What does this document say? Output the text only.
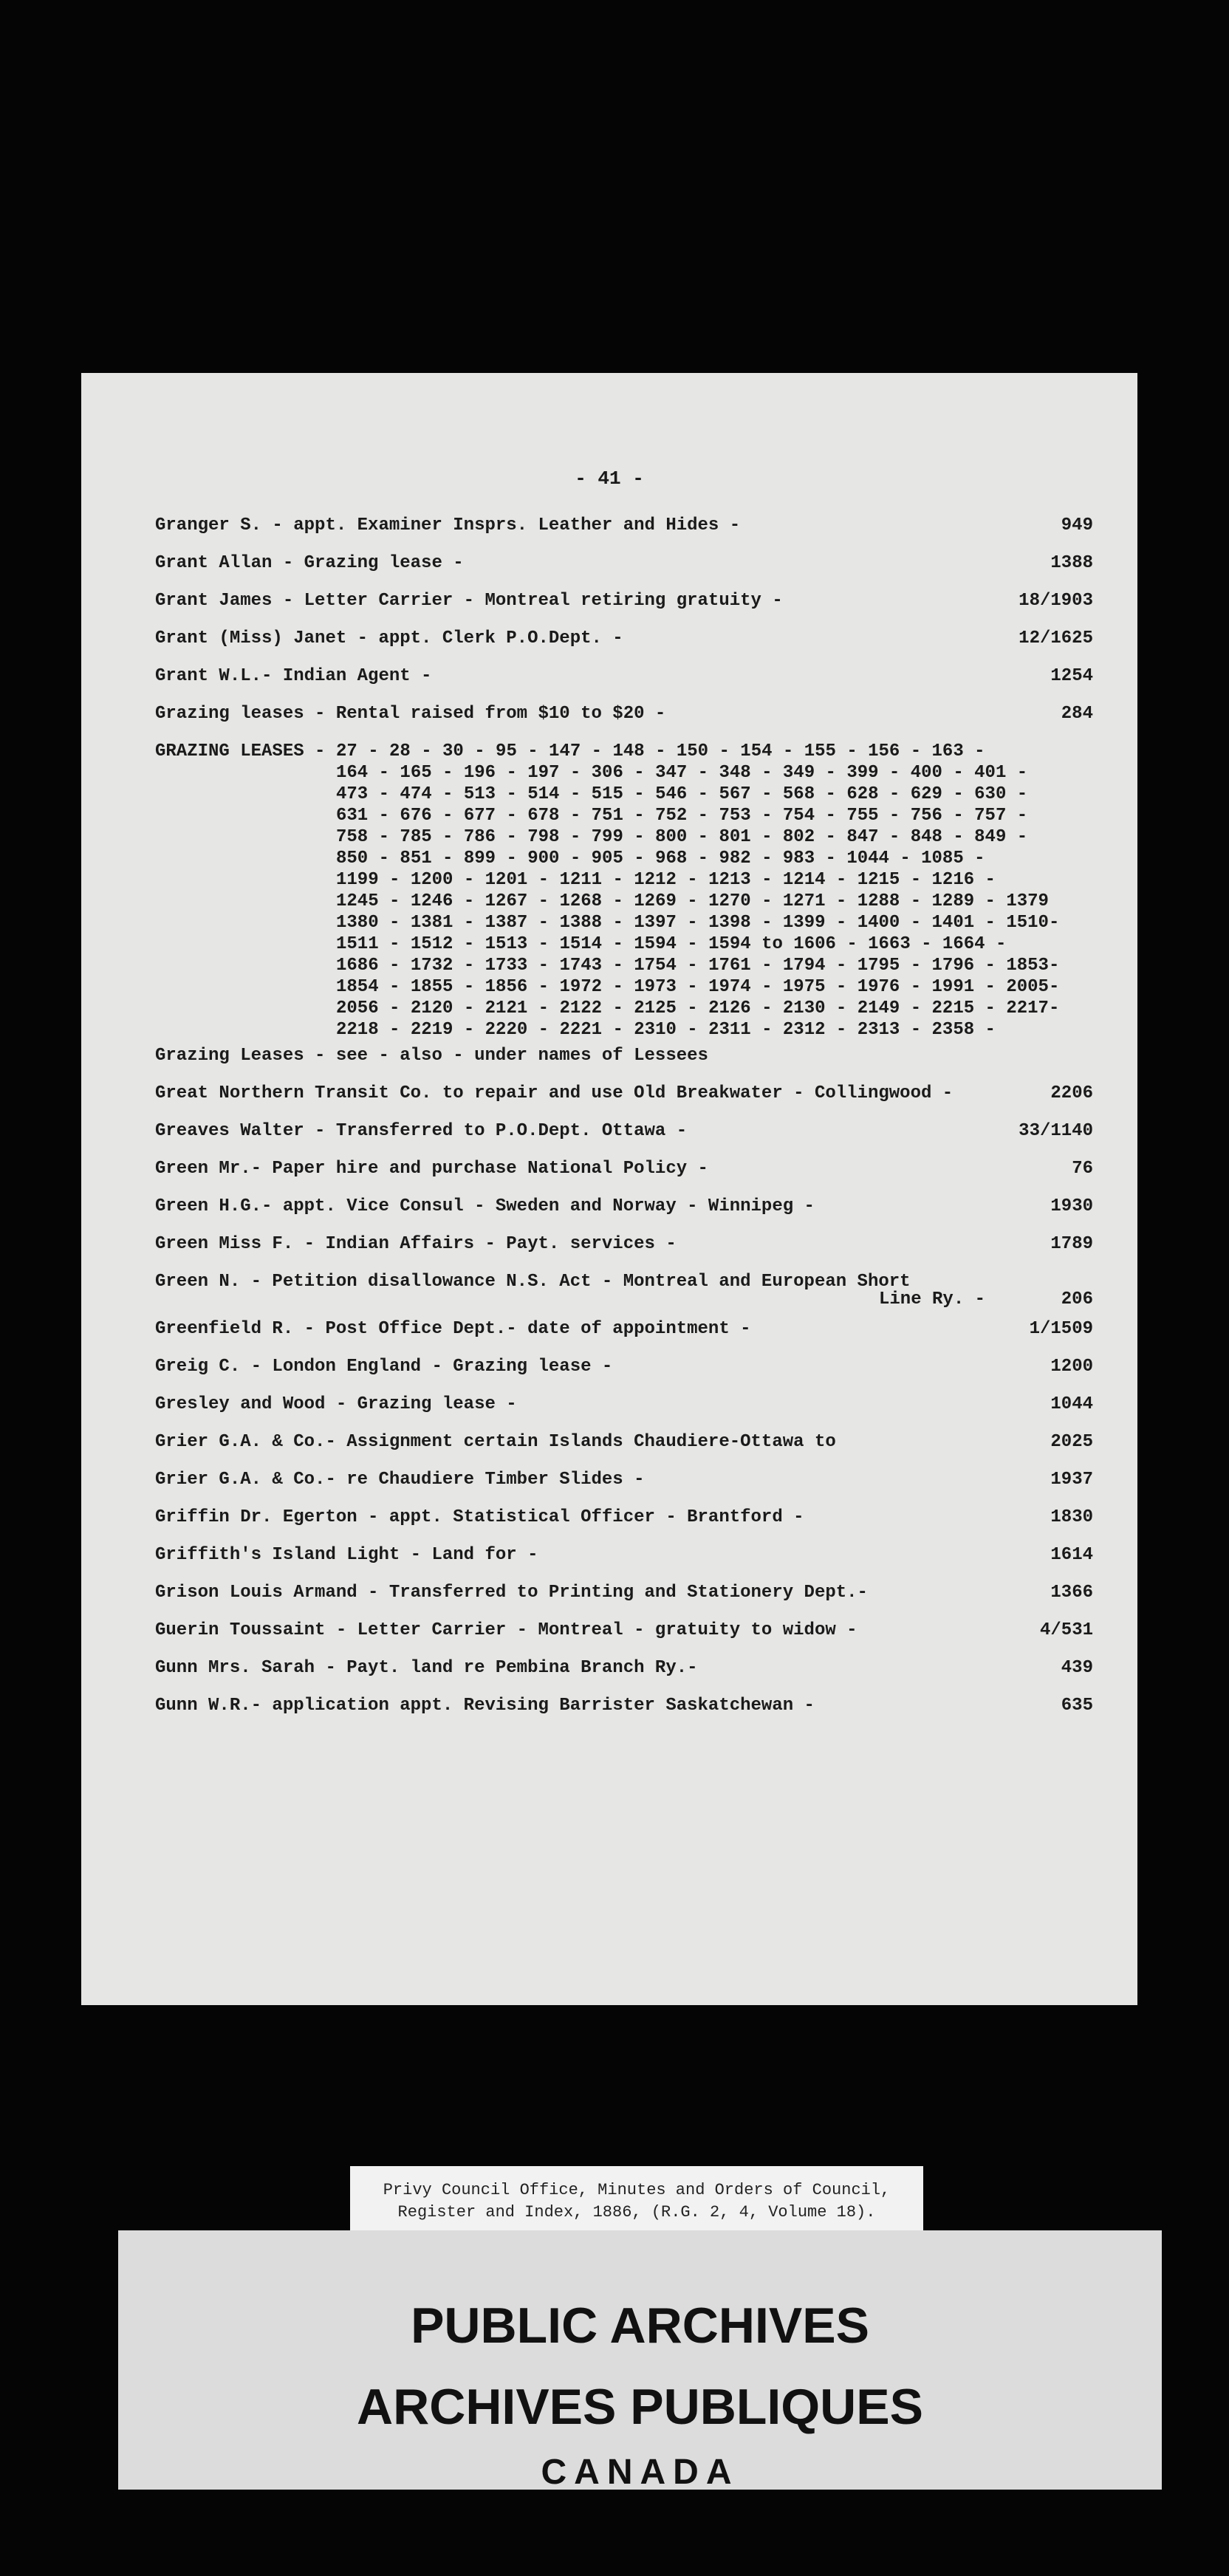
- 41 -
Granger S. - appt. Examiner Insprs. Leather and Hides -	949
Grant Allan - Grazing lease -	1388
Grant James - Letter Carrier - Montreal retiring gratuity -	18/1903
Grant (Miss) Janet - appt. Clerk P.O.Dept. -	12/1625
Grant W.L.- Indian Agent -	1254
Grazing leases - Rental raised from $10 to $20 -	284
GRAZING LEASES - 27 - 28 - 30 - 95 - 147 - 148 - 150 - 154 - 155 - 156 - 163 -
164 - 165 - 196 - 197 - 306 - 347 - 348 - 349 - 399 - 400 - 401 -
473 - 474 - 513 - 514 - 515 - 546 - 567 - 568 - 628 - 629 - 630 -
631 - 676 - 677 - 678 - 751 - 752 - 753 - 754 - 755 - 756 - 757 -
758 - 785 - 786 - 798 - 799 - 800 - 801 - 802 - 847 - 848 - 849 -
850 - 851 - 899 - 900 - 905 - 968 - 982 - 983 - 1044 - 1085 -
1199 - 1200 - 1201 - 1211 - 1212 - 1213 - 1214 - 1215 - 1216 -
1245 - 1246 - 1267 - 1268 - 1269 - 1270 - 1271 - 1288 - 1289 - 1379
1380 - 1381 - 1387 - 1388 - 1397 - 1398 - 1399 - 1400 - 1401 - 1510-
1511 - 1512 - 1513 - 1514 - 1594 - 1594 to 1606 - 1663 - 1664 -
1686 - 1732 - 1733 - 1743 - 1754 - 1761 - 1794 - 1795 - 1796 - 1853-
1854 - 1855 - 1856 - 1972 - 1973 - 1974 - 1975 - 1976 - 1991 - 2005-
2056 - 2120 - 2121 - 2122 - 2125 - 2126 - 2130 - 2149 - 2215 - 2217-
2218 - 2219 - 2220 - 2221 - 2310 - 2311 - 2312 - 2313 - 2358 -
Grazing Leases - see - also - under names of Lessees
Great Northern Transit Co. to repair and use Old Breakwater - Collingwood -	2206
Greaves Walter - Transferred to P.O.Dept. Ottawa -	33/1140
Green Mr.- Paper hire and purchase National Policy -	76
Green H.G.- appt. Vice Consul - Sweden and Norway - Winnipeg -	1930
Green Miss F. - Indian Affairs - Payt. services -	1789
Green N. - Petition disallowance N.S. Act - Montreal and European Short
Line Ry. -	206
Greenfield R. - Post Office Dept.- date of appointment -	1/1509
Greig C. - London England - Grazing lease -	1200
Gresley and Wood - Grazing lease -	1044
Grier G.A. & Co.- Assignment certain Islands Chaudiere-Ottawa to	2025
Grier G.A. & Co.- re Chaudiere Timber Slides -	1937
Griffin Dr. Egerton - appt. Statistical Officer - Brantford -	1830
Griffith's Island Light - Land for -	1614
Grison Louis Armand - Transferred to Printing and Stationery Dept.-	1366
Guerin Toussaint - Letter Carrier - Montreal - gratuity to widow -	4/531
Gunn Mrs. Sarah - Payt. land re Pembina Branch Ry.-	439
Gunn W.R.- application appt. Revising Barrister Saskatchewan -	635
Privy Council Office, Minutes and Orders of Council,
Register and Index, 1886, (R.G. 2, 4, Volume 18).
PUBLIC ARCHIVES
ARCHIVES PUBLIQUES
CANADA
